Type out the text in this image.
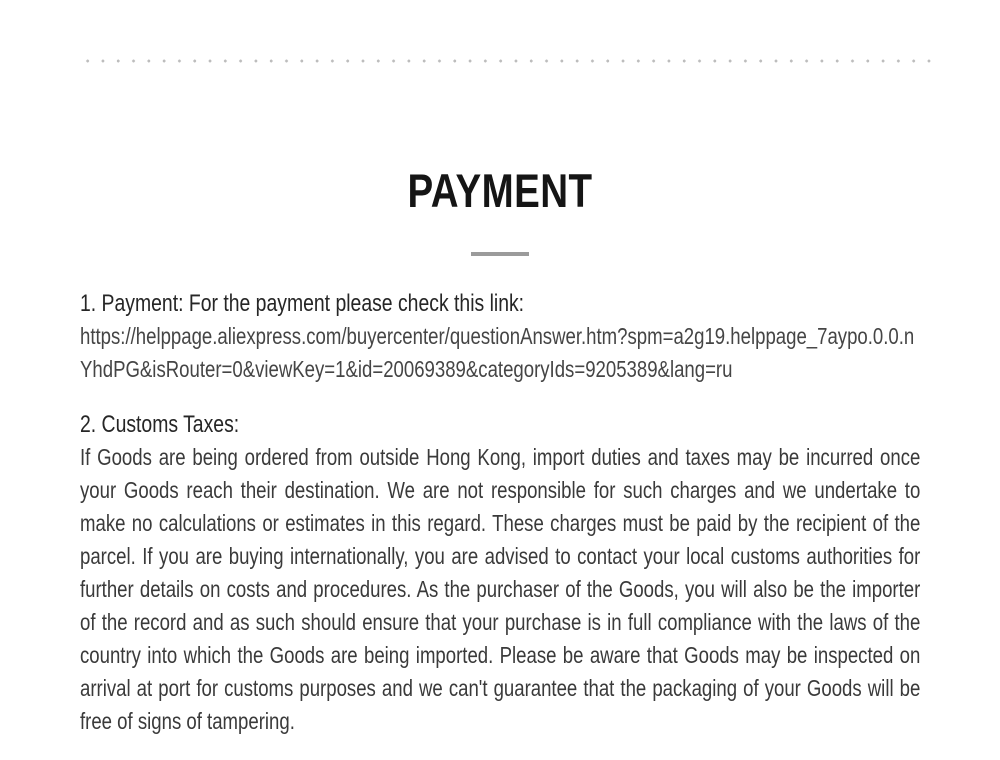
PAYMENT
1. Payment: For the payment please check this link:
https://helppage.aliexpress.com/buyercenter/questionAnswer.htm?spm=a2g19.helppage_7aypo.0.0.nYhdPG&isRouter=0&viewKey=1&id=20069389&categoryIds=9205389&lang=ru
2. Customs Taxes:
If Goods are being ordered from outside Hong Kong, import duties and taxes may be incurred once your Goods reach their destination. We are not responsible for such charges and we undertake to make no calculations or estimates in this regard. These charges must be paid by the recipient of the parcel. If you are buying internationally, you are advised to contact your local customs authorities for further details on costs and procedures. As the purchaser of the Goods, you will also be the importer of the record and as such should ensure that your purchase is in full compliance with the laws of the country into which the Goods are being imported. Please be aware that Goods may be inspected on arrival at port for customs purposes and we can't guarantee that the packaging of your Goods will be free of signs of tampering.
